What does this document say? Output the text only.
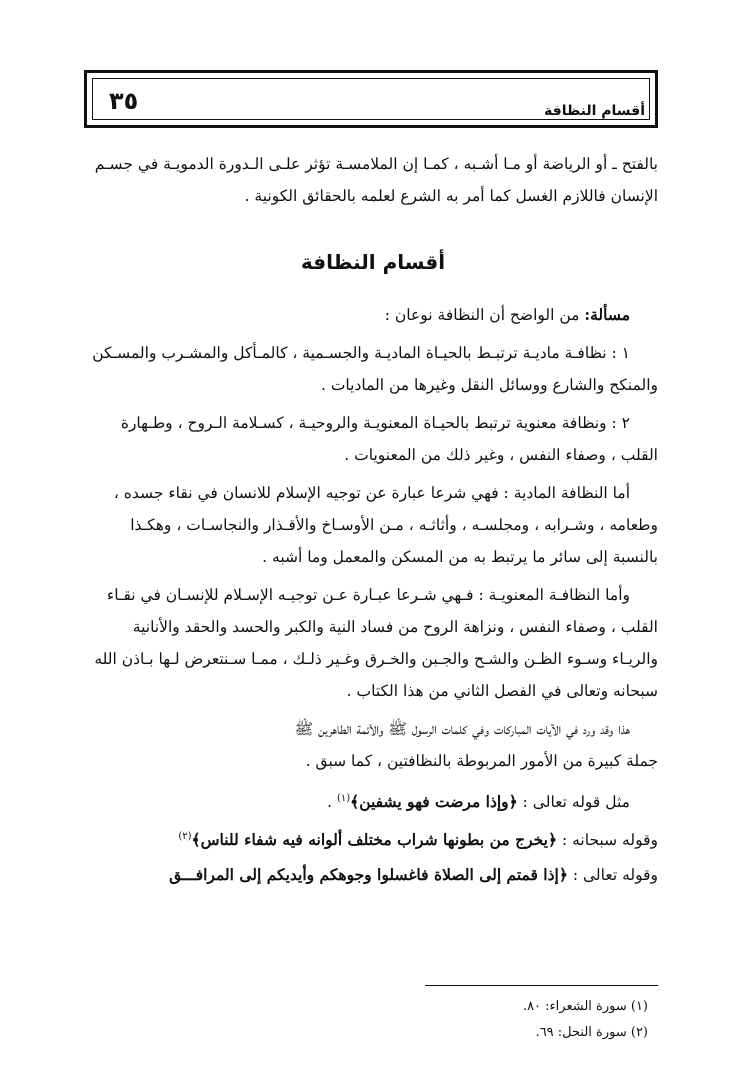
أقسام النظافة
٣٥

بالفتح ـ أو الرياضة أو مـا أشـبه ، كمـا إن الملامسـة تؤثر علـى الـدورة الدمويـة في جسـم
الإنسان فاللازم الغسل كما أمر به الشرع لعلمه بالحقائق الكونية .

أقسام النظافة

مسألة: من الواضح أن النظافة نوعان :

١ : نظافـة ماديـة ترتبـط بالحيـاة الماديـة والجسـمية ، كالمـأكل والمشـرب والمسـكن
والمنكح والشارع ووسائل النقل وغيرها من الماديات .

٢ : ونظافة معنوية ترتبط بالحيـاة المعنويـة والروحيـة ، كسـلامة الـروح ، وطـهارة
القلب ، وصفاء النفس ، وغير ذلك من المعنويات .

أما النظافة المادية : فهي شرعا عبارة عن توجيه الإسلام للانسان في نقاء جسده ،
وطعامه ، وشـرابه ، ومجلسـه ، وأثاثـه ، مـن الأوسـاخ والأقـذار والنجاسـات ، وهكـذا
بالنسبة إلى سائر ما يرتبط به من المسكن والمعمل وما أشبه .

وأما النظافـة المعنويـة : فـهي شـرعا عبـارة عـن توجيـه الإسـلام للإنسـان في نقـاء
القلب ، وصفاء النفس ، ونزاهة الروح من فساد النية والكبر والحسد والحقد والأنانية
والريـاء وسـوء الظـن والشـح والجـبن والخـرق وغـير ذلـك ، ممـا سـنتعرض لـها بـاذن الله
سبحانه وتعالى في الفصل الثاني من هذا الكتاب .

هذا وقد ورد في الآيات المباركات وفي كلمات الرسول ﷺ والأئمة الطاهرين ﷺ
جملة كبيرة من الأمور المربوطة بالنظافتين ، كما سبق .

مثل قوله تعالى : ﴿وإذا مرضت فهو يشفين﴾$^{(١)}$ .

وقوله سبحانه : ﴿يخرج من بطونها شراب مختلف ألوانه فيه شفاء للناس﴾$^{(٢)}$

وقوله تعالى : ﴿إذا قمتم إلى الصلاة فاغسلوا وجوهكم وأيديكم إلى المرافـــق

(١) سورة الشعراء: ٨٠.
(٢) سورة النحل: ٦٩.
